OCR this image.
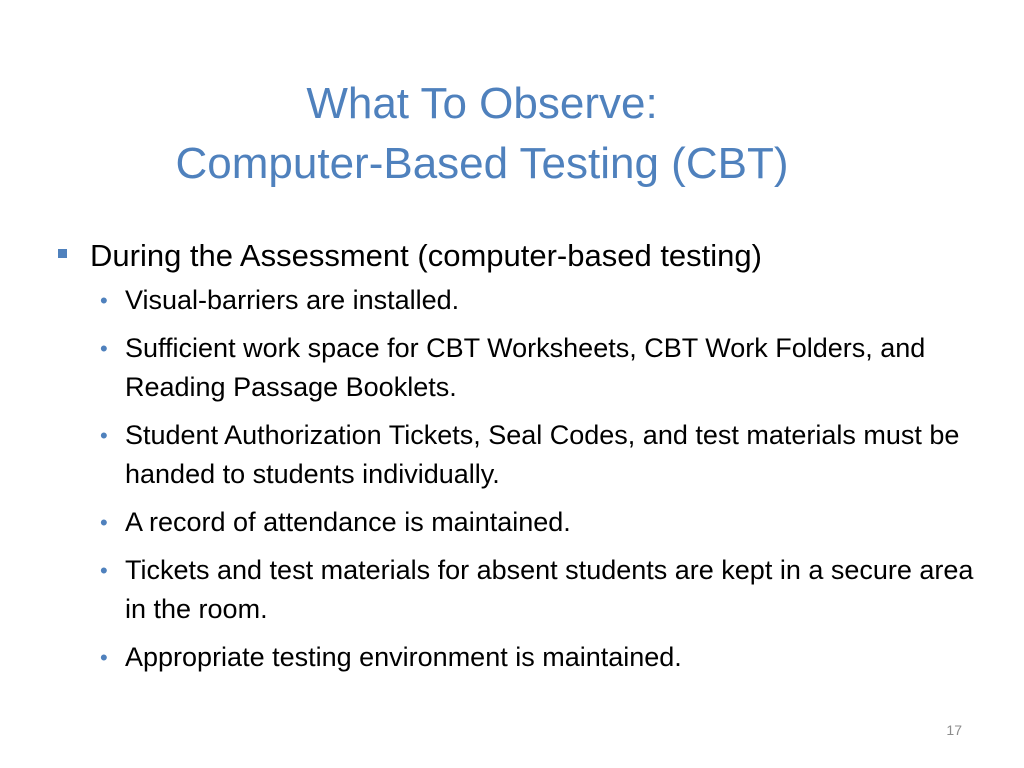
What To Observe:
Computer-Based Testing (CBT)
During the Assessment (computer-based testing)
• Visual-barriers are installed.
• Sufficient work space for CBT Worksheets, CBT Work Folders, and Reading Passage Booklets.
• Student Authorization Tickets, Seal Codes, and test materials must be handed to students individually.
• A record of attendance is maintained.
• Tickets and test materials for absent students are kept in a secure area in the room.
• Appropriate testing environment is maintained.
17
